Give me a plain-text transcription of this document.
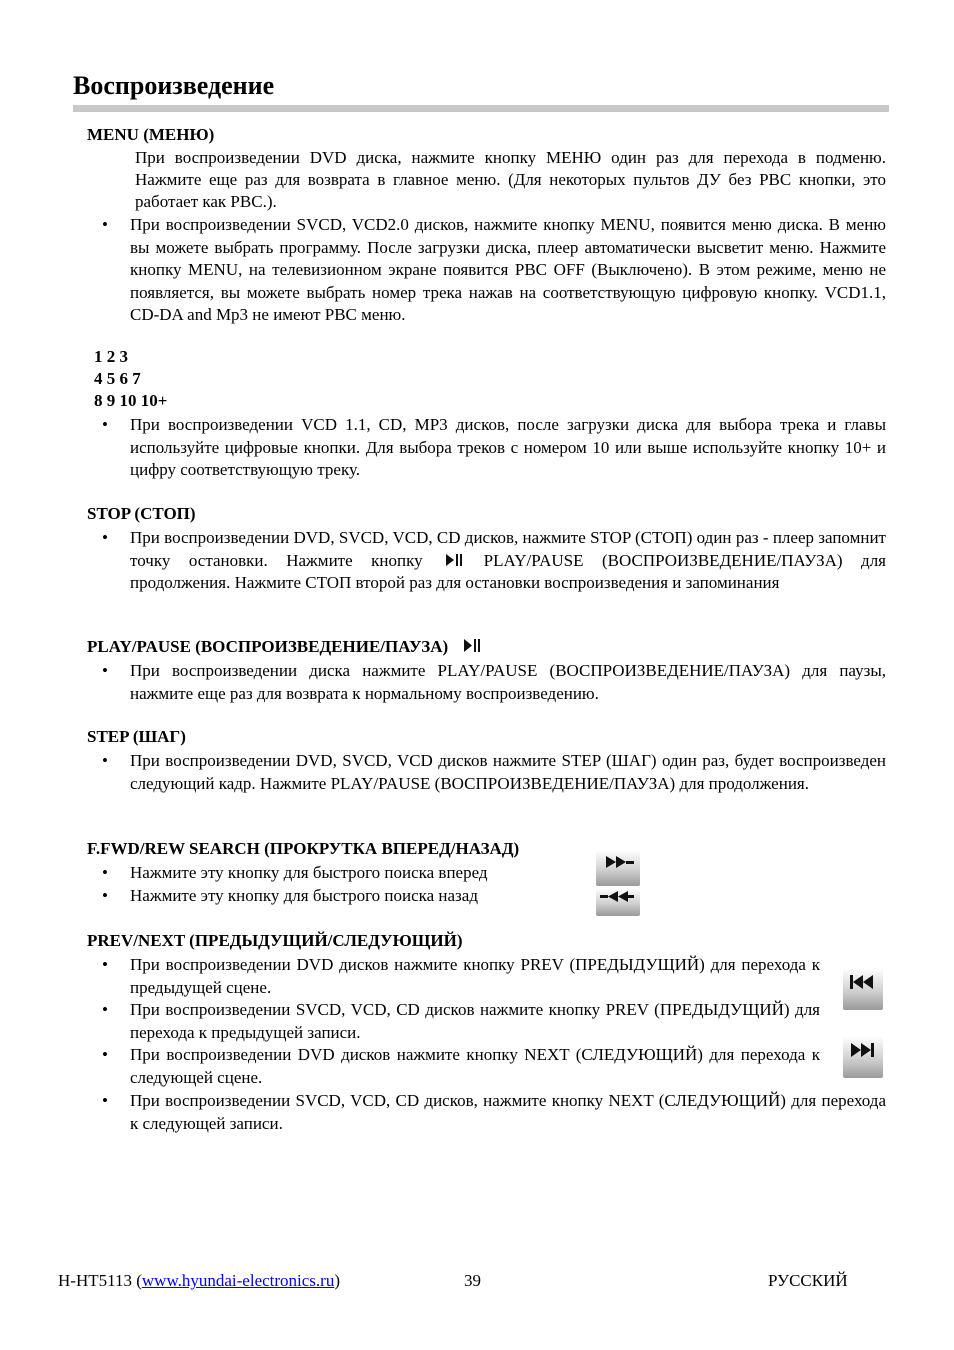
Воспроизведение
MENU (МЕНЮ)
При воспроизведении DVD диска, нажмите кнопку МЕНЮ один раз для перехода в подменю. Нажмите еще раз для возврата в главное меню. (Для некоторых пультов ДУ без PBC кнопки, это работает как PBC.).
• При воспроизведении SVCD, VCD2.0 дисков, нажмите кнопку MENU, появится меню диска. В меню вы можете выбрать программу. После загрузки диска, плеер автоматически высветит меню. Нажмите кнопку MENU, на телевизионном экране появится PBC OFF (Выключено). В этом режиме, меню не появляется, вы можете выбрать номер трека нажав на соответствующую цифровую кнопку. VCD1.1, CD-DA and Mp3 не имеют PBC меню.
1 2 3
4 5 6 7
8 9 10 10+
• При воспроизведении VCD 1.1, CD, MP3 дисков, после загрузки диска для выбора трека и главы используйте цифровые кнопки. Для выбора треков с номером 10 или выше используйте кнопку 10+ и цифру соответствующую треку.
STOP (СТОП)
• При воспроизведении DVD, SVCD, VCD, CD дисков, нажмите STOP (СТОП) один раз - плеер запомнит точку остановки. Нажмите кнопку	PLAY/PAUSE (ВОСПРОИЗВЕДЕНИЕ/ПАУЗА) для продолжения. Нажмите СТОП второй раз для остановки воспроизведения и запоминания
PLAY/PAUSE (ВОСПРОИЗВЕДЕНИЕ/ПАУЗА)
• При воспроизведении диска нажмите PLAY/PAUSE (ВОСПРОИЗВЕДЕНИЕ/ПАУЗА) для паузы, нажмите еще раз для возврата к нормальному воспроизведению.
STEP (ШАГ)
• При воспроизведении DVD, SVCD, VCD дисков нажмите STEP (ШАГ) один раз, будет воспроизведен следующий кадр. Нажмите PLAY/PAUSE (ВОСПРОИЗВЕДЕНИЕ/ПАУЗА) для продолжения.
F.FWD/REW SEARCH (ПРОКРУТКА ВПЕРЕД/НАЗАД)
• Нажмите эту кнопку для быстрого поиска вперед
• Нажмите эту кнопку для быстрого поиска назад
PREV/NEXT (ПРЕДЫДУЩИЙ/СЛЕДУЮЩИЙ)
• При воспроизведении DVD дисков нажмите кнопку PREV (ПРЕДЫДУЩИЙ) для перехода к предыдущей сцене.
• При воспроизведении SVCD, VCD, CD дисков нажмите кнопку PREV (ПРЕДЫДУЩИЙ) для перехода к предыдущей записи.
• При воспроизведении DVD дисков нажмите кнопку NEXT (СЛЕДУЮЩИЙ) для перехода к следующей сцене.
• При воспроизведении SVCD, VCD, CD дисков, нажмите кнопку NEXT (СЛЕДУЮЩИЙ) для перехода к следующей записи.
H-HT5113 (www.hyundai-electronics.ru)	39	РУССКИЙ
